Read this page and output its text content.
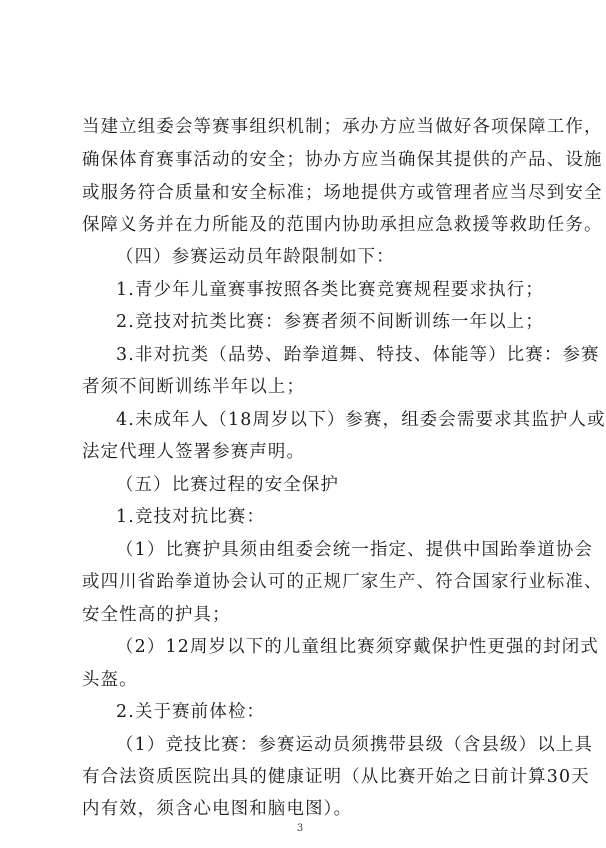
当建立组委会等赛事组织机制；承办方应当做好各项保障工作，
确保体育赛事活动的安全；协办方应当确保其提供的产品、设施
或服务符合质量和安全标准；场地提供方或管理者应当尽到安全
保障义务并在力所能及的范围内协助承担应急救援等救助任务。
（四）参赛运动员年龄限制如下：
1.青少年儿童赛事按照各类比赛竞赛规程要求执行；
2.竞技对抗类比赛：参赛者须不间断训练一年以上；
3.非对抗类（品势、跆拳道舞、特技、体能等）比赛：参赛
者须不间断训练半年以上；
4.未成年人（18周岁以下）参赛，组委会需要求其监护人或
法定代理人签署参赛声明。
（五）比赛过程的安全保护
1.竞技对抗比赛：
（1）比赛护具须由组委会统一指定、提供中国跆拳道协会
或四川省跆拳道协会认可的正规厂家生产、符合国家行业标准、
安全性高的护具；
（2）12周岁以下的儿童组比赛须穿戴保护性更强的封闭式
头盔。
2.关于赛前体检：
（1）竞技比赛：参赛运动员须携带县级（含县级）以上具
有合法资质医院出具的健康证明（从比赛开始之日前计算30天
内有效，须含心电图和脑电图）。
3
